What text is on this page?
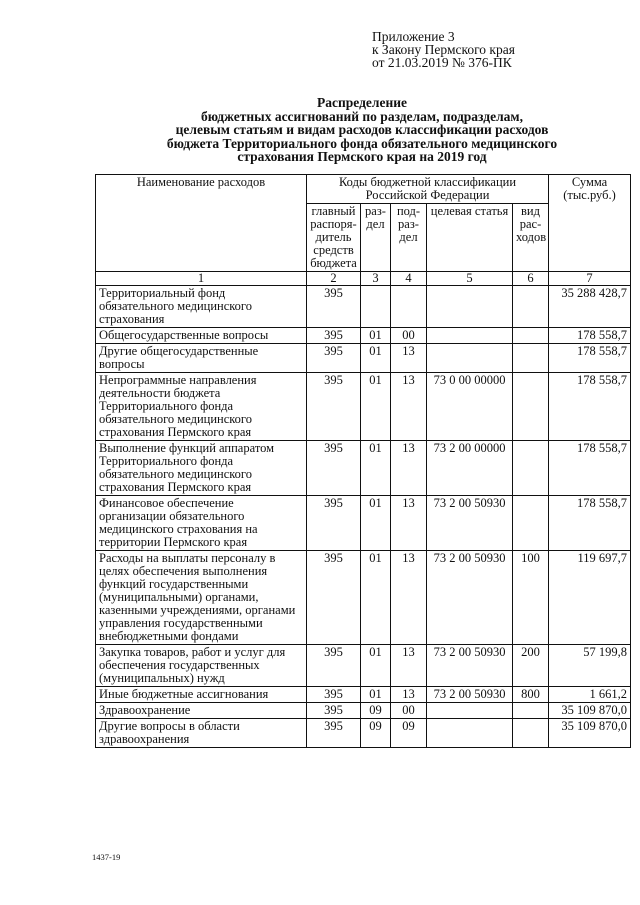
Приложение 3
к Закону Пермского края
от 21.03.2019 № 376-ПК
Распределение
бюджетных ассигнований по разделам, подразделам,
целевым статьям и видам расходов классификации расходов
бюджета Территориального фонда обязательного медицинского
страхования Пермского края на 2019 год
Наименование расходов	Коды бюджетной классификации Российской Федерации					Сумма (тыс.руб.)
	главный распоря-дитель средств бюджета	раз-дел	под-раз-дел	целевая статья	вид рас-ходов	
1	2	3	4	5	6	7
Территориальный фонд обязательного медицинского страхования	395					35 288 428,7
Общегосударственные вопросы	395	01	00			178 558,7
Другие общегосударственные вопросы	395	01	13			178 558,7
Непрограммные направления деятельности бюджета Территориального фонда обязательного медицинского страхования Пермского края	395	01	13	73 0 00 00000		178 558,7
Выполнение функций аппаратом Территориального фонда обязательного медицинского страхования Пермского края	395	01	13	73 2 00 00000		178 558,7
Финансовое обеспечение организации обязательного медицинского страхования на территории Пермского края	395	01	13	73 2 00 50930		178 558,7
Расходы на выплаты персоналу в целях обеспечения выполнения функций государственными (муниципальными) органами, казенными учреждениями, органами управления государственными внебюджетными фондами	395	01	13	73 2 00 50930	100	119 697,7
Закупка товаров, работ и услуг для обеспечения государственных (муниципальных) нужд	395	01	13	73 2 00 50930	200	57 199,8
Иные бюджетные ассигнования	395	01	13	73 2 00 50930	800	1 661,2
Здравоохранение	395	09	00			35 109 870,0
Другие вопросы в области здравоохранения	395	09	09			35 109 870,0
1437-19
